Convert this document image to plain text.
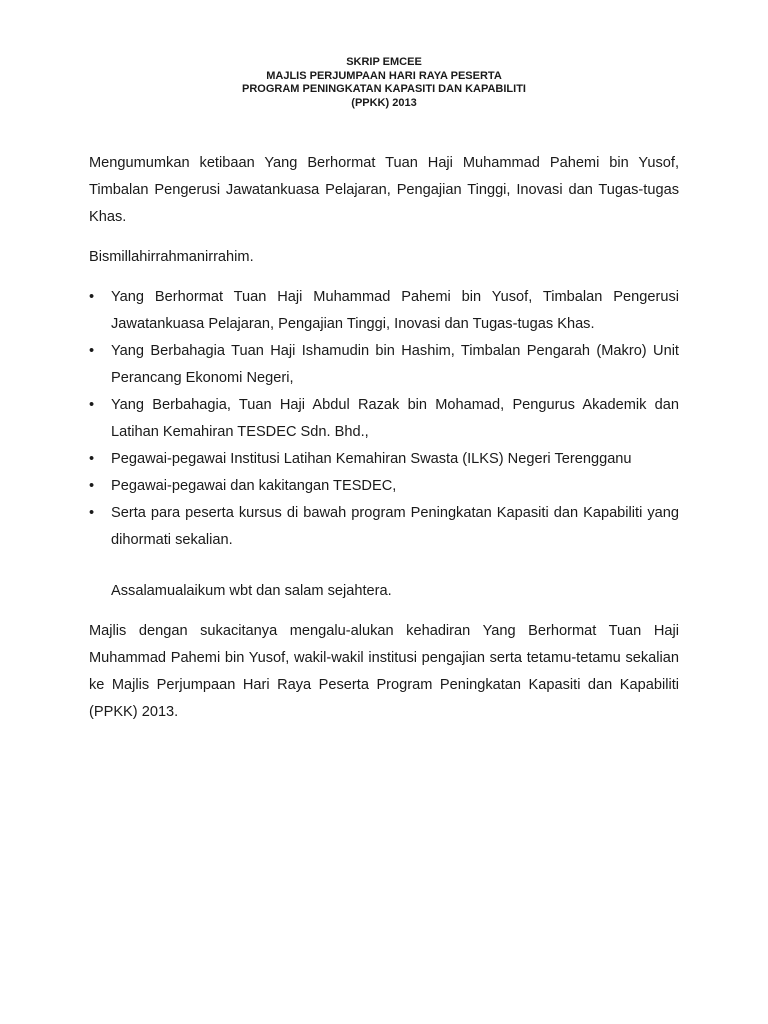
SKRIP EMCEE
MAJLIS PERJUMPAAN HARI RAYA PESERTA
PROGRAM PENINGKATAN KAPASITI DAN KAPABILITI
(PPKK) 2013

Mengumumkan ketibaan Yang Berhormat Tuan Haji Muhammad Pahemi bin Yusof, Timbalan Pengerusi Jawatankuasa Pelajaran, Pengajian Tinggi, Inovasi dan Tugas-tugas Khas.

Bismillahirrahmanirrahim.

•	Yang Berhormat Tuan Haji Muhammad Pahemi bin Yusof, Timbalan Pengerusi Jawatankuasa Pelajaran, Pengajian Tinggi, Inovasi dan Tugas-tugas Khas.
•	Yang Berbahagia Tuan Haji Ishamudin bin Hashim, Timbalan Pengarah (Makro) Unit Perancang Ekonomi Negeri,
•	Yang Berbahagia, Tuan Haji Abdul Razak bin Mohamad, Pengurus Akademik dan Latihan Kemahiran TESDEC Sdn. Bhd.,
•	Pegawai-pegawai Institusi Latihan Kemahiran Swasta (ILKS) Negeri Terengganu
•	Pegawai-pegawai dan kakitangan TESDEC,
•	Serta para peserta kursus di bawah program Peningkatan Kapasiti dan Kapabiliti yang dihormati sekalian.

Assalamualaikum wbt dan salam sejahtera.

Majlis dengan sukacitanya mengalu-alukan kehadiran Yang Berhormat Tuan Haji Muhammad Pahemi bin Yusof, wakil-wakil institusi pengajian serta tetamu-tetamu sekalian ke Majlis Perjumpaan Hari Raya Peserta Program Peningkatan Kapasiti dan Kapabiliti (PPKK) 2013.
